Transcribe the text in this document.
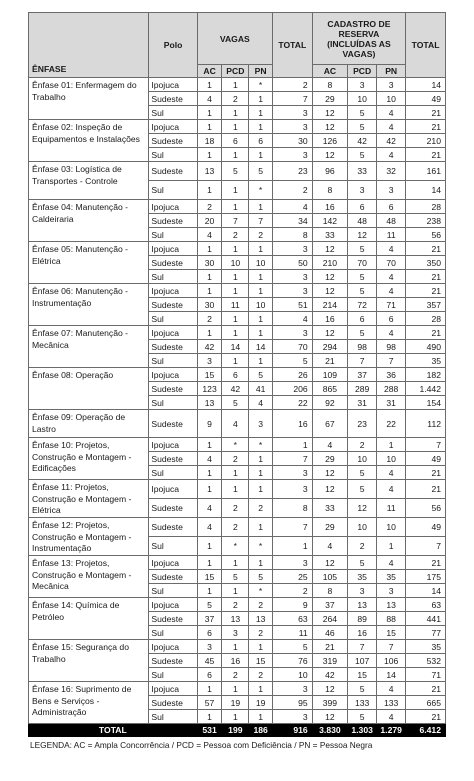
ÊNFASE	Polo	VAGAS			TOTAL	CADASTRO DE RESERVA (INCLUÍDAS AS VAGAS)			TOTAL
		AC	PCD	PN		AC	PCD	PN	
Ênfase 01: Enfermagem do Trabalho	Ipojuca	1	1	*	2	8	3	3	14
	Sudeste	4	2	1	7	29	10	10	49
	Sul	1	1	1	3	12	5	4	21
Ênfase 02: Inspeção de Equipamentos e Instalações	Ipojuca	1	1	1	3	12	5	4	21
	Sudeste	18	6	6	30	126	42	42	210
	Sul	1	1	1	3	12	5	4	21
Ênfase 03: Logística de Transportes - Controle	Sudeste	13	5	5	23	96	33	32	161
	Sul	1	1	*	2	8	3	3	14
Ênfase 04: Manutenção - Caldeiraria	Ipojuca	2	1	1	4	16	6	6	28
	Sudeste	20	7	7	34	142	48	48	238
	Sul	4	2	2	8	33	12	11	56
Ênfase 05: Manutenção - Elétrica	Ipojuca	1	1	1	3	12	5	4	21
	Sudeste	30	10	10	50	210	70	70	350
	Sul	1	1	1	3	12	5	4	21
Ênfase 06: Manutenção - Instrumentação	Ipojuca	1	1	1	3	12	5	4	21
	Sudeste	30	11	10	51	214	72	71	357
	Sul	2	1	1	4	16	6	6	28
Ênfase 07: Manutenção - Mecânica	Ipojuca	1	1	1	3	12	5	4	21
	Sudeste	42	14	14	70	294	98	98	490
	Sul	3	1	1	5	21	7	7	35
Ênfase 08: Operação	Ipojuca	15	6	5	26	109	37	36	182
	Sudeste	123	42	41	206	865	289	288	1.442
	Sul	13	5	4	22	92	31	31	154
Ênfase 09: Operação de Lastro	Sudeste	9	4	3	16	67	23	22	112
Ênfase 10: Projetos, Construção e Montagem - Edificações	Ipojuca	1	*	*	1	4	2	1	7
	Sudeste	4	2	1	7	29	10	10	49
	Sul	1	1	1	3	12	5	4	21
Ênfase 11: Projetos, Construção e Montagem - Elétrica	Ipojuca	1	1	1	3	12	5	4	21
	Sudeste	4	2	2	8	33	12	11	56
Ênfase 12: Projetos, Construção e Montagem - Instrumentação	Sudeste	4	2	1	7	29	10	10	49
	Sul	1	*	*	1	4	2	1	7
Ênfase 13: Projetos, Construção e Montagem - Mecânica	Ipojuca	1	1	1	3	12	5	4	21
	Sudeste	15	5	5	25	105	35	35	175
	Sul	1	1	*	2	8	3	3	14
Ênfase 14: Química de Petróleo	Ipojuca	5	2	2	9	37	13	13	63
	Sudeste	37	13	13	63	264	89	88	441
	Sul	6	3	2	11	46	16	15	77
Ênfase 15: Segurança do Trabalho	Ipojuca	3	1	1	5	21	7	7	35
	Sudeste	45	16	15	76	319	107	106	532
	Sul	6	2	2	10	42	15	14	71
Ênfase 16: Suprimento de Bens e Serviços - Administração	Ipojuca	1	1	1	3	12	5	4	21
	Sudeste	57	19	19	95	399	133	133	665
	Sul	1	1	1	3	12	5	4	21
TOTAL		531	199	186	916	3.830	1.303	1.279	6.412
LEGENDA: AC = Ampla Concorrência / PCD = Pessoa com Deficiência / PN = Pessoa Negra
